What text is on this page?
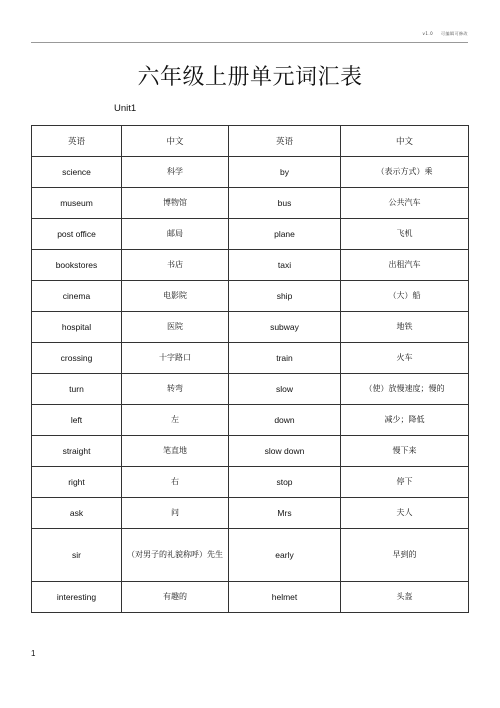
v1.0 可编辑可修改
六年级上册单元词汇表
Unit1
英语	中文	英语	中文
science	科学	by	（表示方式）乘
museum	博物馆	bus	公共汽车
post office	邮局	plane	飞机
bookstores	书店	taxi	出租汽车
cinema	电影院	ship	（大）船
hospital	医院	subway	地铁
crossing	十字路口	train	火车
turn	转弯	slow	（使）放慢速度；慢的
left	左	down	减少；降低
straight	笔直地	slow down	慢下来
right	右	stop	停下
ask	问	Mrs	夫人
sir	（对男子的礼貌称呼）先生	early	早到的
interesting	有趣的	helmet	头盔
1
